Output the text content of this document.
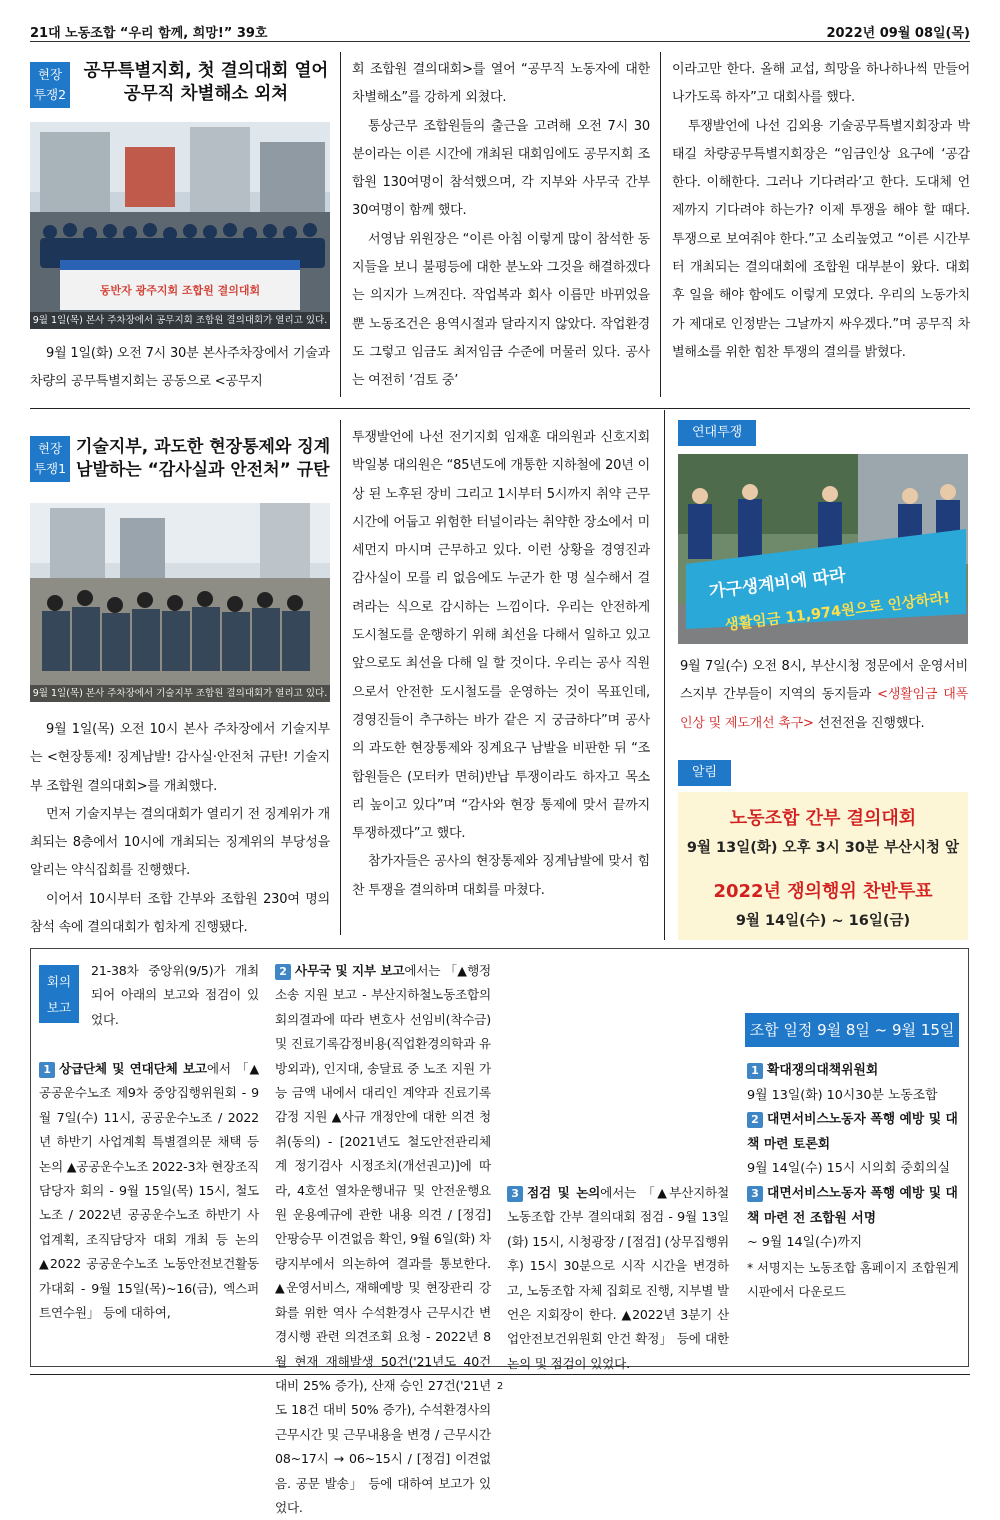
21대 노동조합 “우리 함께, 희망!” 39호	2022년 09월 08일(목)
현장
투쟁2
공무특별지회, 첫 결의대회 열어
공무직 차별해소 외쳐
동반자 광주지회 조합원 결의대회
9월 1일(목) 본사 주차장에서 공무지회 조합원 결의대회가 열리고 있다.

9월 1일(화) 오전 7시 30분 본사주차장에서 기술과 차량의 공무특별지회는 공동으로 <공무지

회 조합원 결의대회>를 열어 “공무직 노동자에 대한 차별해소”를 강하게 외쳤다.

통상근무 조합원들의 출근을 고려해 오전 7시 30분이라는 이른 시간에 개최된 대회임에도 공무지회 조합원 130여명이 참석했으며, 각 지부와 사무국 간부 30여명이 함께 했다.

서영남 위원장은 “이른 아침 이렇게 많이 참석한 동지들을 보니 불평등에 대한 분노와 그것을 해결하겠다는 의지가 느껴진다. 작업복과 회사 이름만 바뀌었을 뿐 노동조건은 용역시절과 달라지지 않았다. 작업환경도 그렇고 임금도 최저임금 수준에 머물러 있다. 공사는 여전히 ‘검토 중’

이라고만 한다. 올해 교섭, 희망을 하나하나씩 만들어나가도록 하자”고 대회사를 했다.

투쟁발언에 나선 김외용 기술공무특별지회장과 박태길 차량공무특별지회장은 “임금인상 요구에 ‘공감한다. 이해한다. 그러나 기다려라’고 한다. 도대체 언제까지 기다려야 하는가? 이제 투쟁을 해야 할 때다. 투쟁으로 보여줘야 한다.”고 소리높였고 “이른 시간부터 개최되는 결의대회에 조합원 대부분이 왔다. 대회 후 일을 해야 함에도 이렇게 모였다. 우리의 노동가치가 제대로 인정받는 그날까지 싸우겠다.”며 공무직 차별해소를 위한 힘찬 투쟁의 결의를 밝혔다.

현장
투쟁1
기술지부, 과도한 현장통제와 징계
남발하는 “감사실과 안전처” 규탄
9월 1일(목) 본사 주차장에서 기술지부 조합원 결의대회가 열리고 있다.

9월 1일(목) 오전 10시 본사 주차장에서 기술지부는 <현장통제! 징계남발! 감사실·안전처 규탄! 기술지부 조합원 결의대회>를 개최했다.

먼저 기술지부는 결의대회가 열리기 전 징계위가 개최되는 8층에서 10시에 개최되는 징계위의 부당성을 알리는 약식집회를 진행했다.

이어서 10시부터 조합 간부와 조합원 230여 명의 참석 속에 결의대회가 힘차게 진행됐다.

투쟁발언에 나선 전기지회 임재훈 대의원과 신호지회 박일봉 대의원은 “85년도에 개통한 지하철에 20년 이상 된 노후된 장비 그리고 1시부터 5시까지 취약 근무 시간에 어둡고 위험한 터널이라는 취약한 장소에서 미세먼지 마시며 근무하고 있다. 이런 상황을 경영진과 감사실이 모를 리 없음에도 누군가 한 명 실수해서 걸려라는 식으로 감시하는 느낌이다. 우리는 안전하게 도시철도를 운행하기 위해 최선을 다해서 일하고 있고 앞으로도 최선을 다해 일 할 것이다. 우리는 공사 직원으로서 안전한 도시철도를 운영하는 것이 목표인데, 경영진들이 추구하는 바가 같은 지 궁금하다”며 공사의 과도한 현장통제와 징계요구 남발을 비판한 뒤 “조합원들은 (모터카 면허)반납 투쟁이라도 하자고 목소리 높이고 있다”며 “감사와 현장 통제에 맞서 끝까지 투쟁하겠다”고 했다.

참가자들은 공사의 현장통제와 징계남발에 맞서 힘찬 투쟁을 결의하며 대회를 마쳤다.

연대투쟁
가구생계비에 따라
생활임금 11,974원으로 인상하라!

9월 7일(수) 오전 8시, 부산시청 정문에서 운영서비스지부 간부들이 지역의 동지들과 <생활임금 대폭 인상 및 제도개선 촉구> 선전전을 진행했다.

알림
노동조합 간부 결의대회
9월 13일(화) 오후 3시 30분 부산시청 앞
2022년 쟁의행위 찬반투표
9월 14일(수) ~ 16일(금)
회의
보고
21-38차 중앙위(9/5)가 개최되어 아래의 보고와 점검이 있었다.
1 상급단체 및 연대단체 보고에서 「▲공공운수노조 제9차 중앙집행위원회 - 9월 7일(수) 11시, 공공운수노조 / 2022년 하반기 사업계획 특별결의문 채택 등 논의 ▲공공운수노조 2022-3차 현장조직담당자 회의 - 9월 15일(목) 15시, 철도노조 / 2022년 공공운수노조 하반기 사업계획, 조직담당자 대회 개최 등 논의 ▲2022 공공운수노조 노동안전보건활동가대회 - 9월 15일(목)~16(금), 엑스퍼트연수원」 등에 대하여,
2 사무국 및 지부 보고에서는 「▲행정소송 지원 보고 - 부산지하철노동조합의 회의결과에 따라 변호사 선임비(착수금) 및 진료기록감정비용(직업환경의학과 유방외과), 인지대, 송달료 중 노조 지원 가능 금액 내에서 대리인 계약과 진료기록감정 지원 ▲사규 개정안에 대한 의견 청취(동의) - [2021년도 철도안전관리체계 정기검사 시정조치(개선권고)]에 따라, 4호선 열차운행내규 및 안전운행요원 운용예규에 관한 내용 의견 / [정검] 안팡승무 이견없음 확인, 9월 6일(화) 차량지부에서 의논하여 결과를 통보한다. ▲운영서비스, 재해예방 및 현장관리 강화를 위한 역사 수석환경사 근무시간 변경시행 관련 의견조회 요청 - 2022년 8월 현재 재해발생 50건('21년도 40건 대비 25% 증가), 산재 승인 27건('21년도 18건 대비 50% 증가), 수석환경사의 근무시간 및 근무내용을 변경 / 근무시간 08~17시 → 06~15시 / [정검] 이견없음. 공문 발송」 등에 대하여 보고가 있었다.
3 점검 및 논의에서는 「▲부산지하철 노동조합 간부 결의대회 점검 - 9월 13일(화) 15시, 시청광장 / [점검] (상무집행위 후) 15시 30분으로 시작 시간을 변경하고, 노동조합 자체 집회로 진행, 지부별 발언은 지회장이 한다. ▲2022년 3분기 산업안전보건위원회 안건 확정」 등에 대한 논의 및 점검이 있었다.
조합 일정 9월 8일 ~ 9월 15일
1 확대쟁의대책위원회
9월 13일(화) 10시30분 노동조합
2 대면서비스노동자 폭행 예방 및 대책 마련 토론회
9월 14일(수) 15시 시의회 중회의실
3 대면서비스노동자 폭행 예방 및 대책 마련 전 조합원 서명
~ 9월 14일(수)까지
* 서명지는 노동조합 홈페이지 조합원게시판에서 다운로드
2
